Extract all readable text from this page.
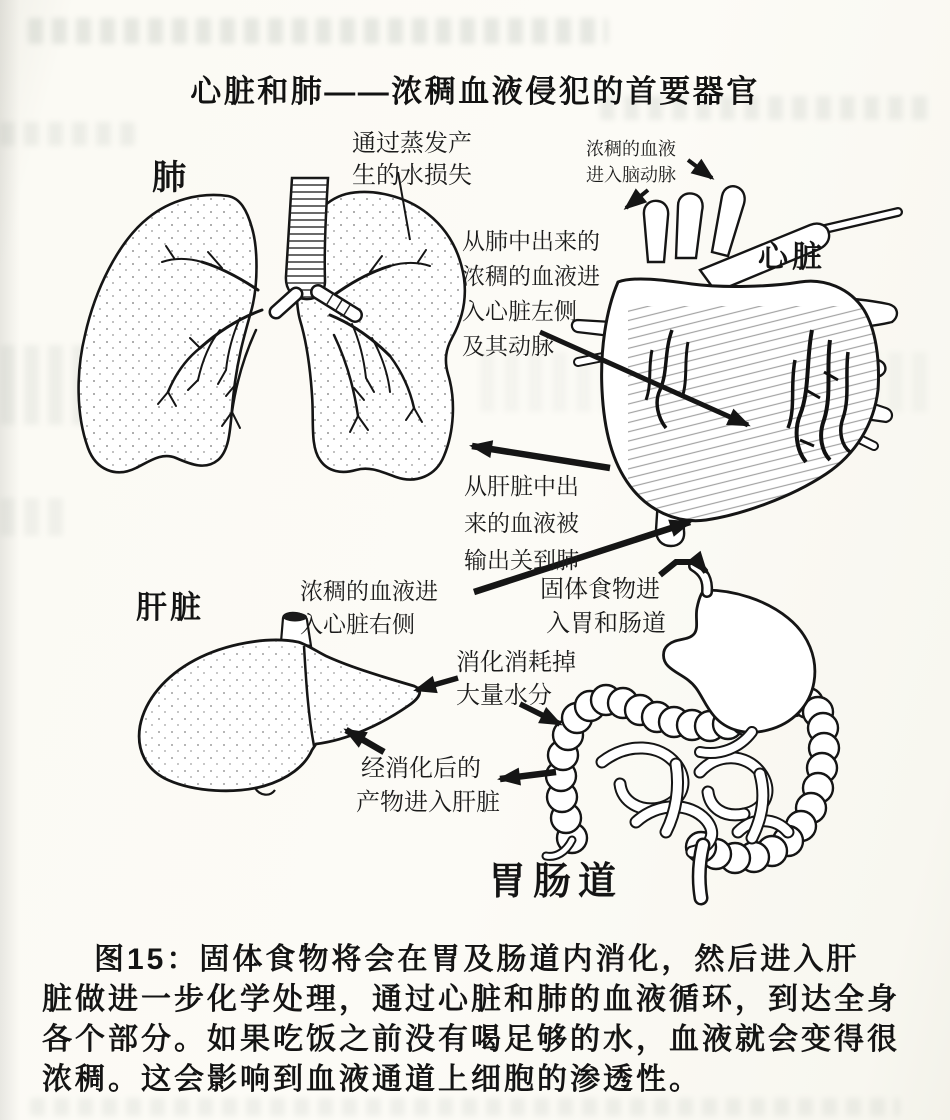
心脏和肺——浓稠血液侵犯的首要器官
肺
通过蒸发产
生的水损失
浓稠的血液
进入脑动脉
心脏
从肺中出来的
浓稠的血液进
入心脏左侧
及其动脉
从肝脏中出
来的血液被
输出关到肺
肝脏	浓稠的血液进
入心脏右侧
固体食物进
入胃和肠道
消化消耗掉
大量水分
经消化后的
产物进入肝脏
胃肠道
图15：固体食物将会在胃及肠道内消化，然后进入肝
脏做进一步化学处理，通过心脏和肺的血液循环，到达全身
各个部分。如果吃饭之前没有喝足够的水，血液就会变得很
浓稠。这会影响到血液通道上细胞的渗透性。
